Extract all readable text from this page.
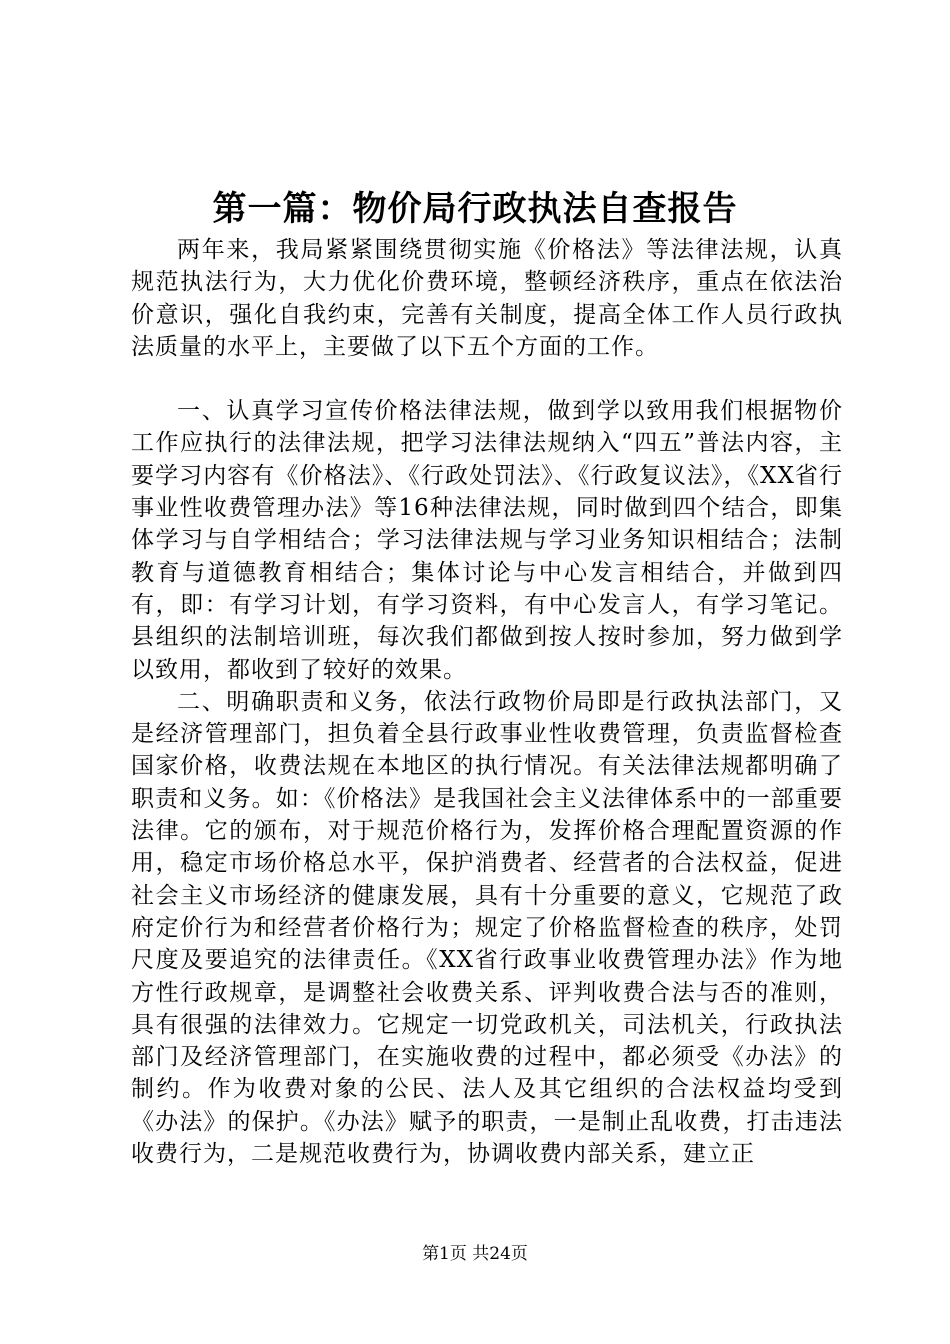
第一篇：物价局行政执法自查报告

两年来，我局紧紧围绕贯彻实施《价格法》等法律法规，认真规范执法行为，大力优化价费环境，整顿经济秩序，重点在依法治价意识，强化自我约束，完善有关制度，提高全体工作人员行政执法质量的水平上，主要做了以下五个方面的工作。

一、认真学习宣传价格法律法规，做到学以致用我们根据物价工作应执行的法律法规，把学习法律法规纳入“四五”普法内容，主要学习内容有《价格法》、《行政处罚法》、《行政复议法》，《XX省行事业性收费管理办法》等16种法律法规，同时做到四个结合，即集体学习与自学相结合；学习法律法规与学习业务知识相结合；法制教育与道德教育相结合；集体讨论与中心发言相结合，并做到四有，即：有学习计划，有学习资料，有中心发言人，有学习笔记。县组织的法制培训班，每次我们都做到按人按时参加，努力做到学以致用，都收到了较好的效果。

二、明确职责和义务，依法行政物价局即是行政执法部门，又是经济管理部门，担负着全县行政事业性收费管理，负责监督检查国家价格，收费法规在本地区的执行情况。有关法律法规都明确了职责和义务。如：《价格法》是我国社会主义法律体系中的一部重要法律。它的颁布，对于规范价格行为，发挥价格合理配置资源的作用，稳定市场价格总水平，保护消费者、经营者的合法权益，促进社会主义市场经济的健康发展，具有十分重要的意义，它规范了政府定价行为和经营者价格行为；规定了价格监督检查的秩序，处罚尺度及要追究的法律责任。《XX省行政事业收费管理办法》作为地方性行政规章，是调整社会收费关系、评判收费合法与否的准则，具有很强的法律效力。它规定一切党政机关，司法机关，行政执法部门及经济管理部门，在实施收费的过程中，都必须受《办法》的制约。作为收费对象的公民、法人及其它组织的合法权益均受到《办法》的保护。《办法》赋予的职责，一是制止乱收费，打击违法收费行为，二是规范收费行为，协调收费内部关系，建立正

第1页 共24页
